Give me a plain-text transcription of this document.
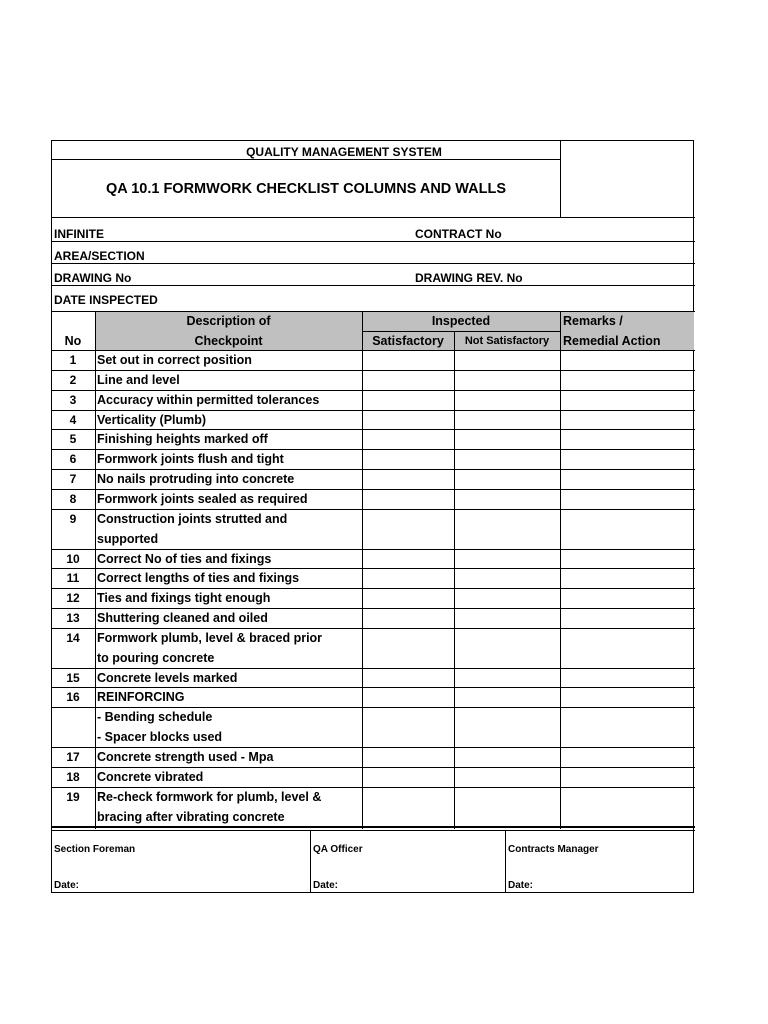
QUALITY MANAGEMENT SYSTEM
QA 10.1 FORMWORK CHECKLIST COLUMNS AND WALLS
INFINITE	CONTRACT No
AREA/SECTION
DRAWING No	DRAWING REV. No
DATE INSPECTED
No
Description of
Checkpoint
Inspected
Satisfactory	Not Satisfactory
Remarks /
Remedial Action
1	Set out in correct position
2	Line and level
3	Accuracy within permitted tolerances
4	Verticality (Plumb)
5	Finishing heights marked off
6	Formwork joints flush and tight
7	No nails protruding into concrete
8	Formwork joints sealed as required
9	Construction joints strutted and
supported
10	Correct No of ties and fixings
11	Correct lengths of ties and fixings
12	Ties and fixings tight enough
13	Shuttering cleaned and oiled
14	Formwork plumb, level & braced prior
to pouring concrete
15	Concrete levels marked
16	REINFORCING
- Bending schedule
- Spacer blocks used
17	Concrete strength used - Mpa
18	Concrete vibrated
19	Re-check formwork for plumb, level &
bracing after vibrating concrete
Section Foreman	QA Officer	Contracts Manager
Date:	Date:	Date:
